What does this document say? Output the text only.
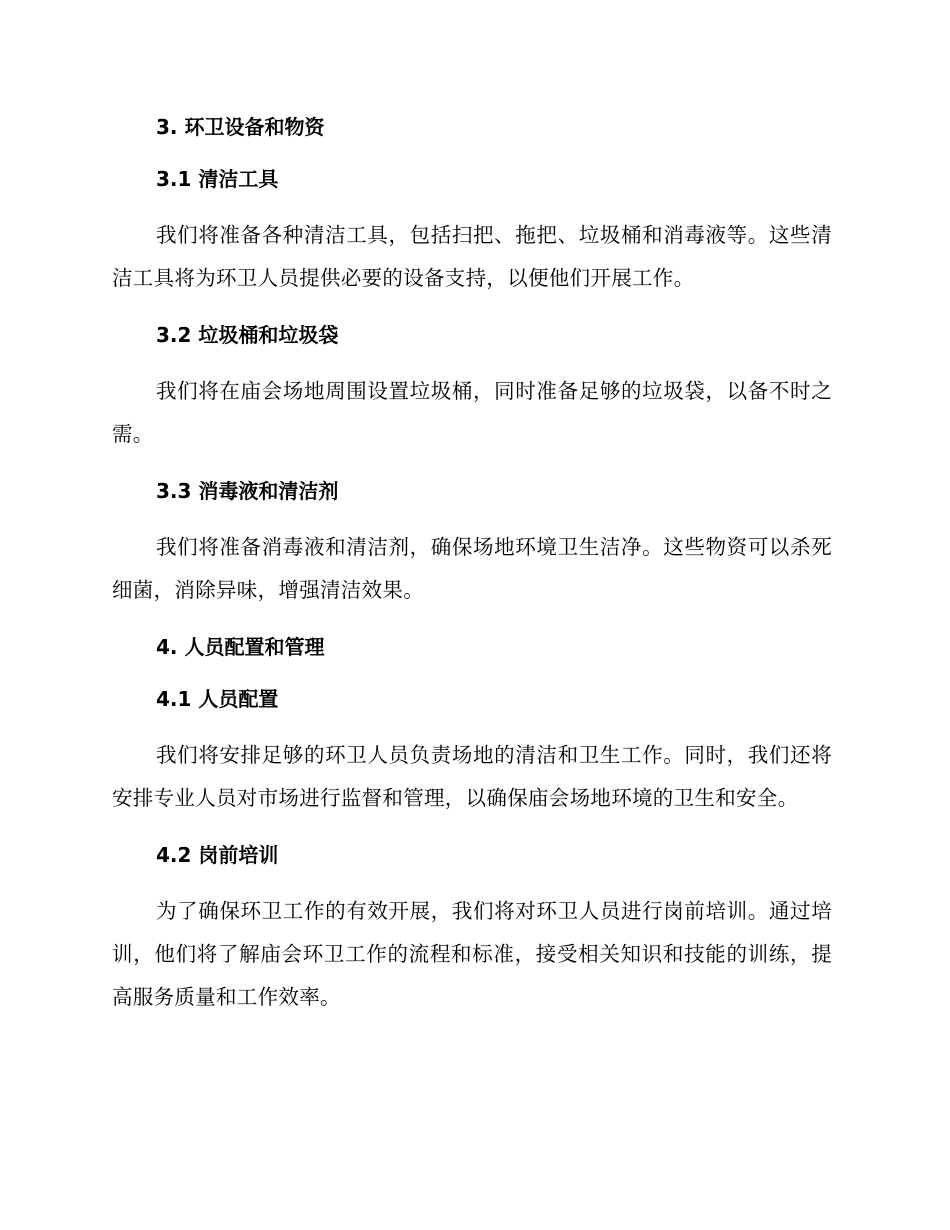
3. 环卫设备和物资
3.1 清洁工具

我们将准备各种清洁工具，包括扫把、拖把、垃圾桶和消毒液等。这些清洁工具将为环卫人员提供必要的设备支持，以便他们开展工作。

3.2 垃圾桶和垃圾袋

我们将在庙会场地周围设置垃圾桶，同时准备足够的垃圾袋，以备不时之需。

3.3 消毒液和清洁剂

我们将准备消毒液和清洁剂，确保场地环境卫生洁净。这些物资可以杀死细菌，消除异味，增强清洁效果。

4. 人员配置和管理
4.1 人员配置

我们将安排足够的环卫人员负责场地的清洁和卫生工作。同时，我们还将安排专业人员对市场进行监督和管理，以确保庙会场地环境的卫生和安全。

4.2 岗前培训

为了确保环卫工作的有效开展，我们将对环卫人员进行岗前培训。通过培训，他们将了解庙会环卫工作的流程和标准，接受相关知识和技能的训练，提高服务质量和工作效率。
